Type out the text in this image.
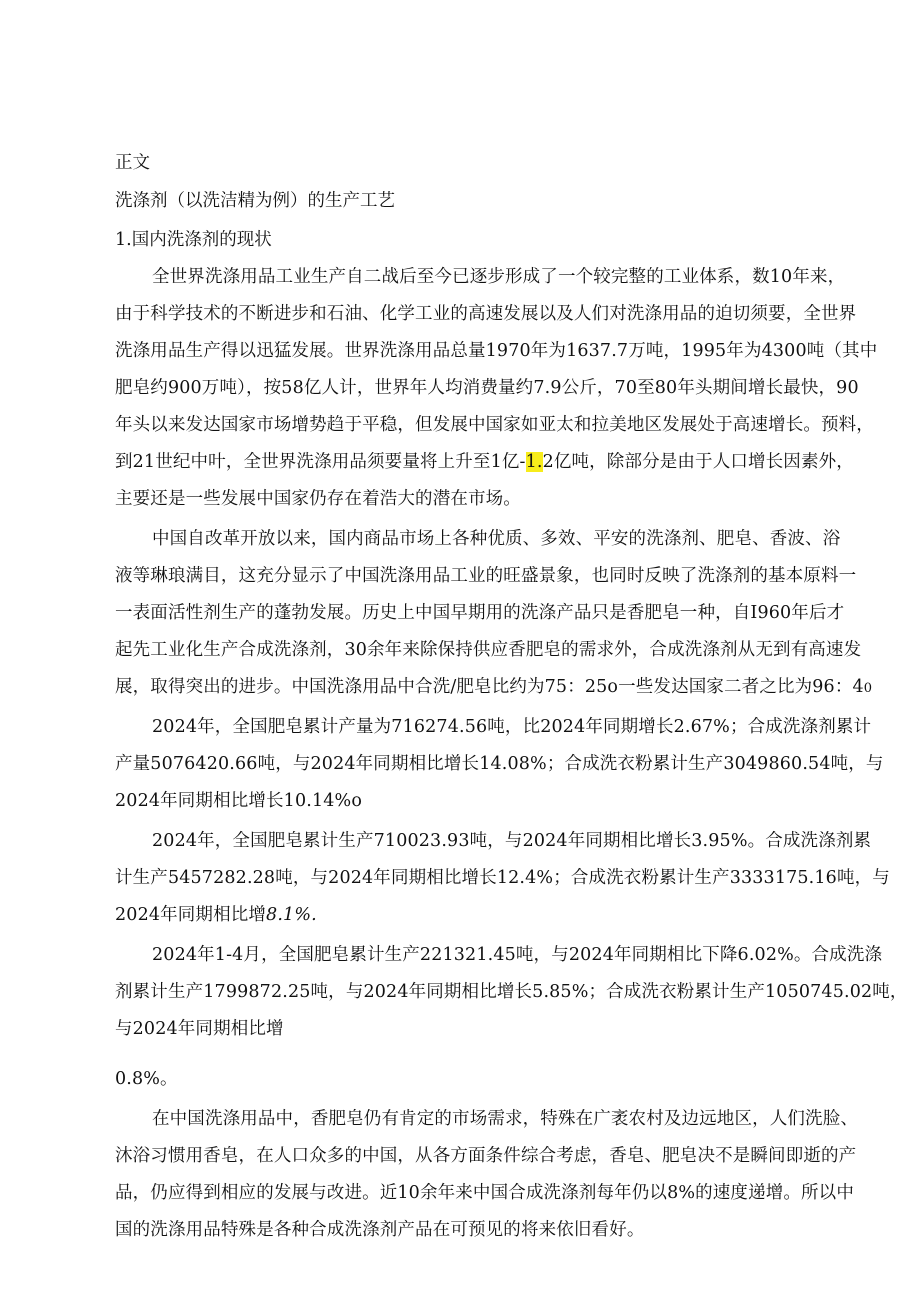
正文
洗涤剂（以洗洁精为例）的生产工艺
1.国内洗涤剂的现状
全世界洗涤用品工业生产自二战后至今已逐步形成了一个较完整的工业体系，数10年来，
由于科学技术的不断进步和石油、化学工业的高速发展以及人们对洗涤用品的迫切须要，全世界
洗涤用品生产得以迅猛发展。世界洗涤用品总量1970年为1637.7万吨，1995年为4300吨（其中
肥皂约900万吨），按58亿人计，世界年人均消费量约7.9公斤，70至80年头期间增长最快，90
年头以来发达国家市场增势趋于平稳，但发展中国家如亚太和拉美地区发展处于高速增长。预料，
到21世纪中叶，全世界洗涤用品须要量将上升至1亿-1.2亿吨，除部分是由于人口增长因素外，
主要还是一些发展中国家仍存在着浩大的潜在市场。
中国自改革开放以来，国内商品市场上各种优质、多效、平安的洗涤剂、肥皂、香波、浴
液等琳琅满目，这充分显示了中国洗涤用品工业的旺盛景象，也同时反映了洗涤剂的基本原料一
一表面活性剂生产的蓬勃发展。历史上中国早期用的洗涤产品只是香肥皂一种，自I960年后才
起先工业化生产合成洗涤剂，30余年来除保持供应香肥皂的需求外，合成洗涤剂从无到有高速发
展，取得突出的进步。中国洗涤用品中合洗/肥皂比约为75：25o一些发达国家二者之比为96：40
2024年，全国肥皂累计产量为716274.56吨，比2024年同期增长2.67%；合成洗涤剂累计
产量5076420.66吨，与2024年同期相比增长14.08%；合成洗衣粉累计生产3049860.54吨，与
2024年同期相比增长10.14%o
2024年，全国肥皂累计生产710023.93吨，与2024年同期相比增长3.95%。合成洗涤剂累
计生产5457282.28吨，与2024年同期相比增长12.4%；合成洗衣粉累计生产3333175.16吨，与
2024年同期相比增8.1%.
2024年1-4月，全国肥皂累计生产221321.45吨，与2024年同期相比下降6.02%。合成洗涤
剂累计生产1799872.25吨，与2024年同期相比增长5.85%；合成洗衣粉累计生产1050745.02吨，
与2024年同期相比增
0.8%。
在中国洗涤用品中，香肥皂仍有肯定的市场需求，特殊在广袤农村及边远地区，人们洗脸、
沐浴习惯用香皂，在人口众多的中国，从各方面条件综合考虑，香皂、肥皂决不是瞬间即逝的产
品，仍应得到相应的发展与改进。近10余年来中国合成洗涤剂每年仍以8%的速度递增。所以中
国的洗涤用品特殊是各种合成洗涤剂产品在可预见的将来依旧看好。
